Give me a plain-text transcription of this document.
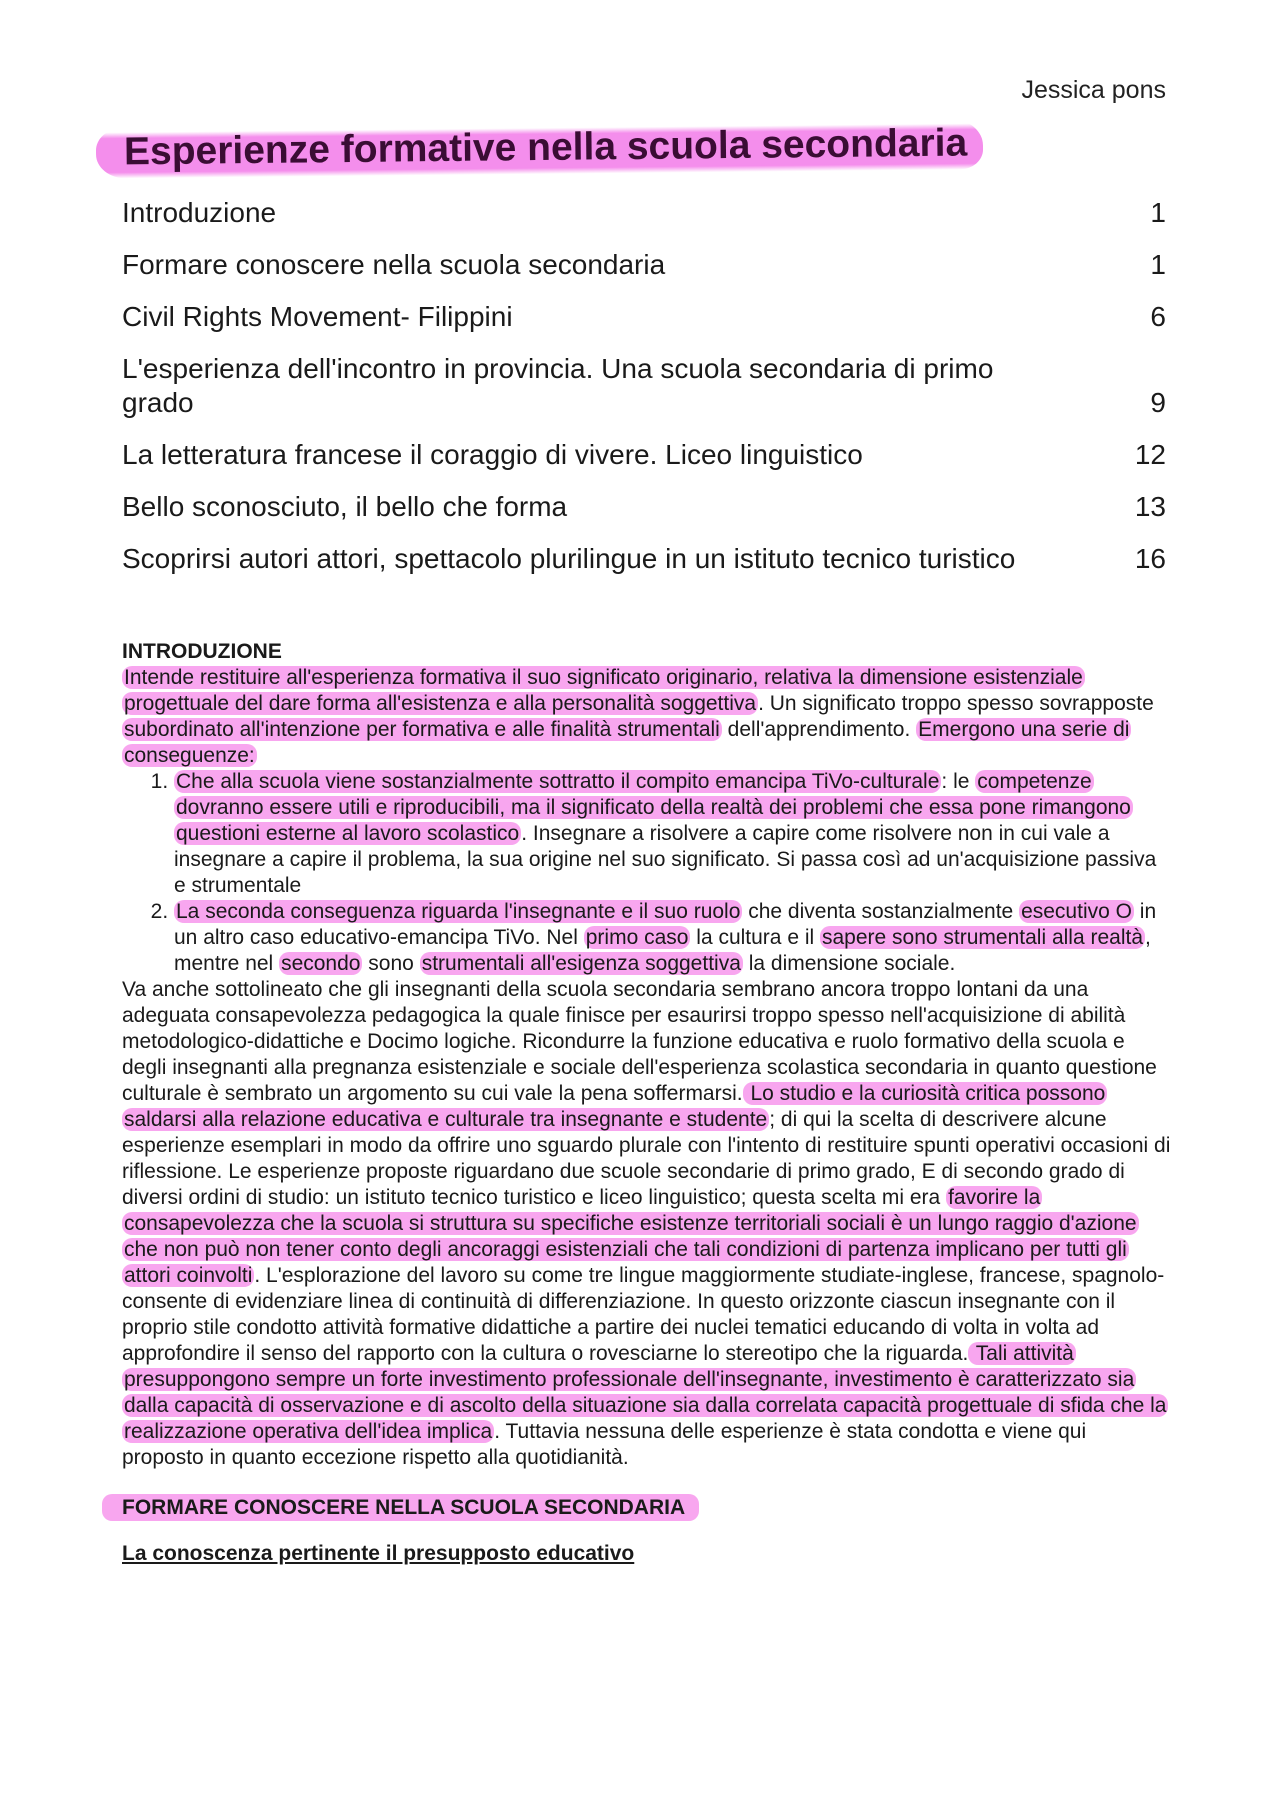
Jessica pons
Esperienze formative nella scuola secondaria
Introduzione	1
Formare conoscere nella scuola secondaria	1
Civil Rights Movement- Filippini	6
L'esperienza dell'incontro in provincia. Una scuola secondaria di primo grado	9
La letteratura francese il coraggio di vivere. Liceo linguistico	12
Bello sconosciuto, il bello che forma	13
Scoprirsi autori attori, spettacolo plurilingue in un istituto tecnico turistico	16
INTRODUZIONE

Intende restituire all'esperienza formativa il suo significato originario, relativa la dimensione esistenziale progettuale del dare forma all'esistenza e alla personalità soggettiva. Un significato troppo spesso sovrapposte subordinato all'intenzione per formativa e alle finalità strumentali dell'apprendimento. Emergono una serie di conseguenze:

1. Che alla scuola viene sostanzialmente sottratto il compito emancipa TiVo-culturale: le competenze dovranno essere utili e riproducibili, ma il significato della realtà dei problemi che essa pone rimangono questioni esterne al lavoro scolastico. Insegnare a risolvere a capire come risolvere non in cui vale a insegnare a capire il problema, la sua origine nel suo significato. Si passa così ad un'acquisizione passiva e strumentale
2. La seconda conseguenza riguarda l'insegnante e il suo ruolo che diventa sostanzialmente esecutivo O in un altro caso educativo-emancipa TiVo. Nel primo caso la cultura e il sapere sono strumentali alla realtà, mentre nel secondo sono strumentali all'esigenza soggettiva la dimensione sociale.

Va anche sottolineato che gli insegnanti della scuola secondaria sembrano ancora troppo lontani da una adeguata consapevolezza pedagogica la quale finisce per esaurirsi troppo spesso nell'acquisizione di abilità metodologico-didattiche e Docimo logiche. Ricondurre la funzione educativa e ruolo formativo della scuola e degli insegnanti alla pregnanza esistenziale e sociale dell'esperienza scolastica secondaria in quanto questione culturale è sembrato un argomento su cui vale la pena soffermarsi. Lo studio e la curiosità critica possono saldarsi alla relazione educativa e culturale tra insegnante e studente; di qui la scelta di descrivere alcune esperienze esemplari in modo da offrire uno sguardo plurale con l'intento di restituire spunti operativi occasioni di riflessione. Le esperienze proposte riguardano due scuole secondarie di primo grado, E di secondo grado di diversi ordini di studio: un istituto tecnico turistico e liceo linguistico; questa scelta mi era favorire la consapevolezza che la scuola si struttura su specifiche esistenze territoriali sociali è un lungo raggio d'azione che non può non tener conto degli ancoraggi esistenziali che tali condizioni di partenza implicano per tutti gli attori coinvolti. L'esplorazione del lavoro su come tre lingue maggiormente studiate-inglese, francese, spagnolo-consente di evidenziare linea di continuità di differenziazione. In questo orizzonte ciascun insegnante con il proprio stile condotto attività formative didattiche a partire dei nuclei tematici educando di volta in volta ad approfondire il senso del rapporto con la cultura o rovesciarne lo stereotipo che la riguarda. Tali attività presuppongono sempre un forte investimento professionale dell'insegnante, investimento è caratterizzato sia dalla capacità di osservazione e di ascolto della situazione sia dalla correlata capacità progettuale di sfida che la realizzazione operativa dell'idea implica. Tuttavia nessuna delle esperienze è stata condotta e viene qui proposto in quanto eccezione rispetto alla quotidianità.

FORMARE CONOSCERE NELLA SCUOLA SECONDARIA
La conoscenza pertinente il presupposto educativo
